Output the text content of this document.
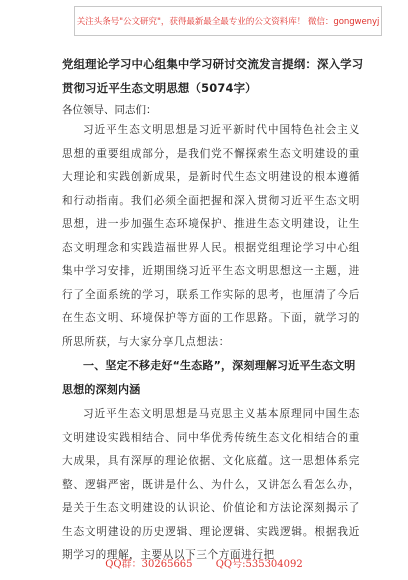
关注头条号"公文研究"，获得最新最全最专业的公文资料库！ 微信：gongwenyj
党组理论学习中心组集中学习研讨交流发言提纲：深入学习贯彻习近平生态文明思想（5074字）
各位领导、同志们：
习近平生态文明思想是习近平新时代中国特色社会主义思想的重要组成部分，是我们党不懈探索生态文明建设的重大理论和实践创新成果，是新时代生态文明建设的根本遵循和行动指南。我们必须全面把握和深入贯彻习近平生态文明思想，进一步加强生态环境保护、推进生态文明建设，让生态文明理念和实践造福世界人民。根据党组理论学习中心组集中学习安排，近期围绕习近平生态文明思想这一主题，进行了全面系统的学习，联系工作实际的思考，也厘清了今后在生态文明、环境保护等方面的工作思路。下面，就学习的所思所获，与大家分享几点想法：
一、坚定不移走好“生态路”，深刻理解习近平生态文明思想的深刻内涵
习近平生态文明思想是马克思主义基本原理同中国生态文明建设实践相结合、同中华优秀传统生态文化相结合的重大成果，具有深厚的理论依据、文化底蕴。这一思想体系完整、逻辑严密，既讲是什么、为什么，又讲怎么看怎么办，是关于生态文明建设的认识论、价值论和方法论深刻揭示了生态文明建设的历史逻辑、理论逻辑、实践逻辑。根据我近期学习的理解，主要从以下三个方面进行把
QQ群：30265665 QQ号:535304092
